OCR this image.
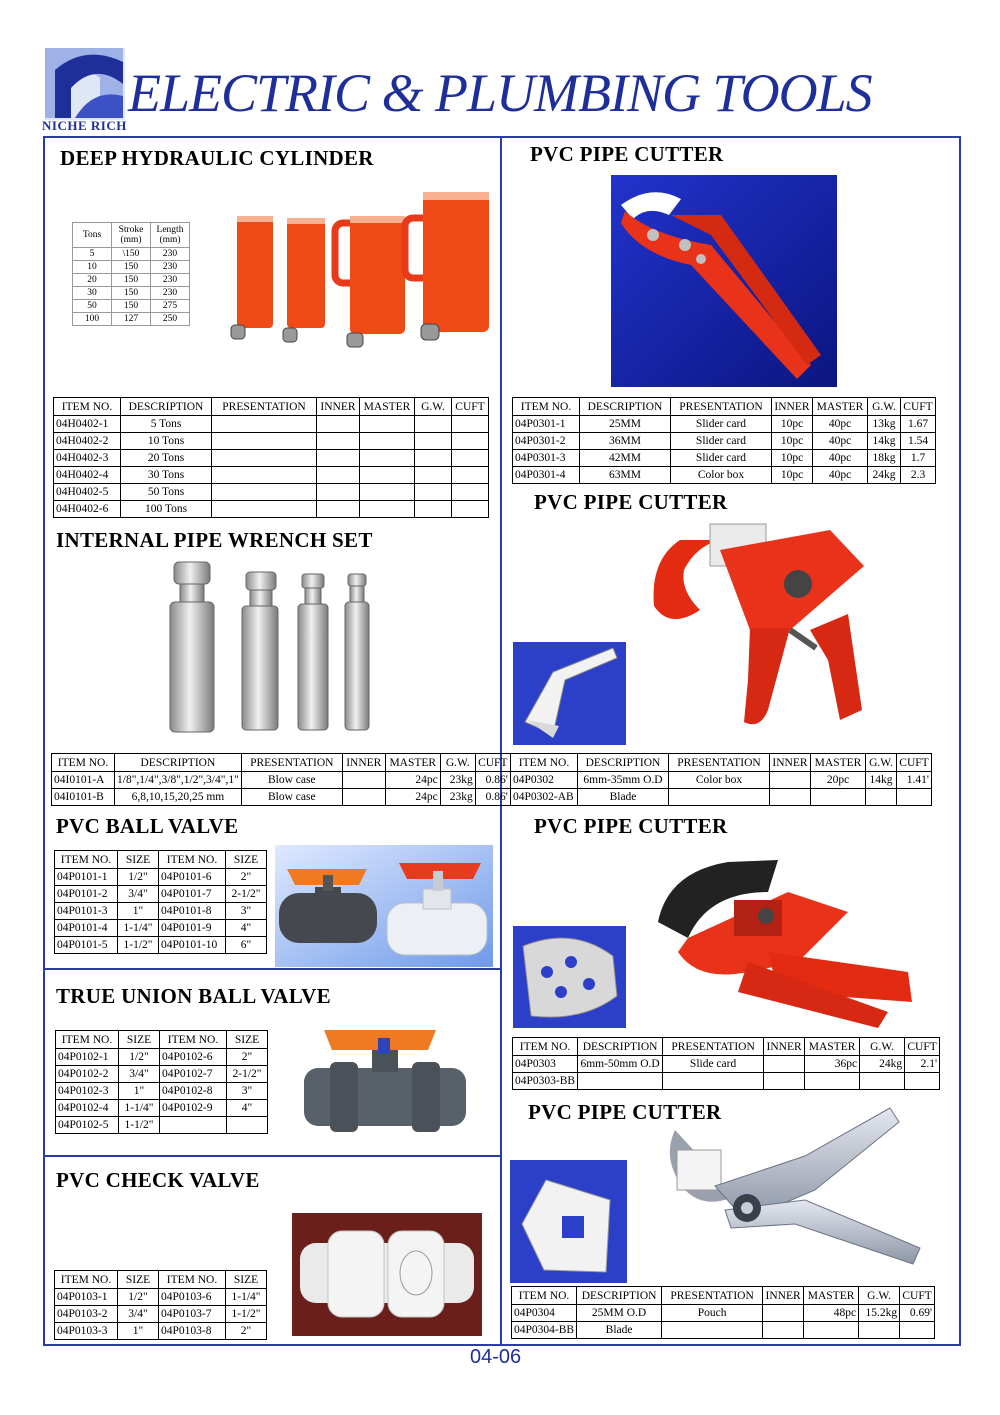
NICHE RICH
ELECTRIC & PLUMBING TOOLS
DEEP HYDRAULIC CYLINDER
Tons	Stroke (mm)	Length (mm)
5	\150	230
10	150	230
20	150	230
30	150	230
50	150	275
100	127	250
ITEM NO.	DESCRIPTION	PRESENTATION	INNER	MASTER	G.W.	CUFT
04H0402-1	5 Tons					
04H0402-2	10 Tons					
04H0402-3	20 Tons					
04H0402-4	30 Tons					
04H0402-5	50 Tons					
04H0402-6	100 Tons					
INTERNAL PIPE WRENCH SET
ITEM NO.	DESCRIPTION	PRESENTATION	INNER	MASTER	G.W.	CUFT
04I0101-A	1/8",1/4",3/8",1/2",3/4",1"	Blow case		24pc	23kg	0.86'
04I0101-B	6,8,10,15,20,25 mm	Blow case		24pc	23kg	0.86'
PVC BALL VALVE
ITEM NO.	SIZE	ITEM NO.	SIZE
04P0101-1	1/2"	04P0101-6	2"
04P0101-2	3/4"	04P0101-7	2-1/2"
04P0101-3	1"	04P0101-8	3"
04P0101-4	1-1/4"	04P0101-9	4"
04P0101-5	1-1/2"	04P0101-10	6"
TRUE UNION BALL VALVE
ITEM NO.	SIZE	ITEM NO.	SIZE
04P0102-1	1/2"	04P0102-6	2"
04P0102-2	3/4"	04P0102-7	2-1/2"
04P0102-3	1"	04P0102-8	3"
04P0102-4	1-1/4"	04P0102-9	4"
04P0102-5	1-1/2"		
PVC CHECK VALVE
ITEM NO.	SIZE	ITEM NO.	SIZE
04P0103-1	1/2"	04P0103-6	1-1/4"
04P0103-2	3/4"	04P0103-7	1-1/2"
04P0103-3	1"	04P0103-8	2"
PVC PIPE CUTTER
ITEM NO.	DESCRIPTION	PRESENTATION	INNER	MASTER	G.W.	CUFT
04P0301-1	25MM	Slider card	10pc	40pc	13kg	1.67
04P0301-2	36MM	Slider card	10pc	40pc	14kg	1.54
04P0301-3	42MM	Slider card	10pc	40pc	18kg	1.7
04P0301-4	63MM	Color box	10pc	40pc	24kg	2.3
PVC PIPE CUTTER
ITEM NO.	DESCRIPTION	PRESENTATION	INNER	MASTER	G.W.	CUFT
04P0302	6mm-35mm O.D	Color box		20pc	14kg	1.41'
04P0302-AB	Blade					
PVC PIPE CUTTER
ITEM NO.	DESCRIPTION	PRESENTATION	INNER	MASTER	G.W.	CUFT
04P0303	6mm-50mm O.D	Slide card		36pc	24kg	2.1'
04P0303-BB						
PVC PIPE CUTTER
ITEM NO.	DESCRIPTION	PRESENTATION	INNER	MASTER	G.W.	CUFT
04P0304	25MM O.D	Pouch		48pc	15.2kg	0.69'
04P0304-BB	Blade					
04-06
